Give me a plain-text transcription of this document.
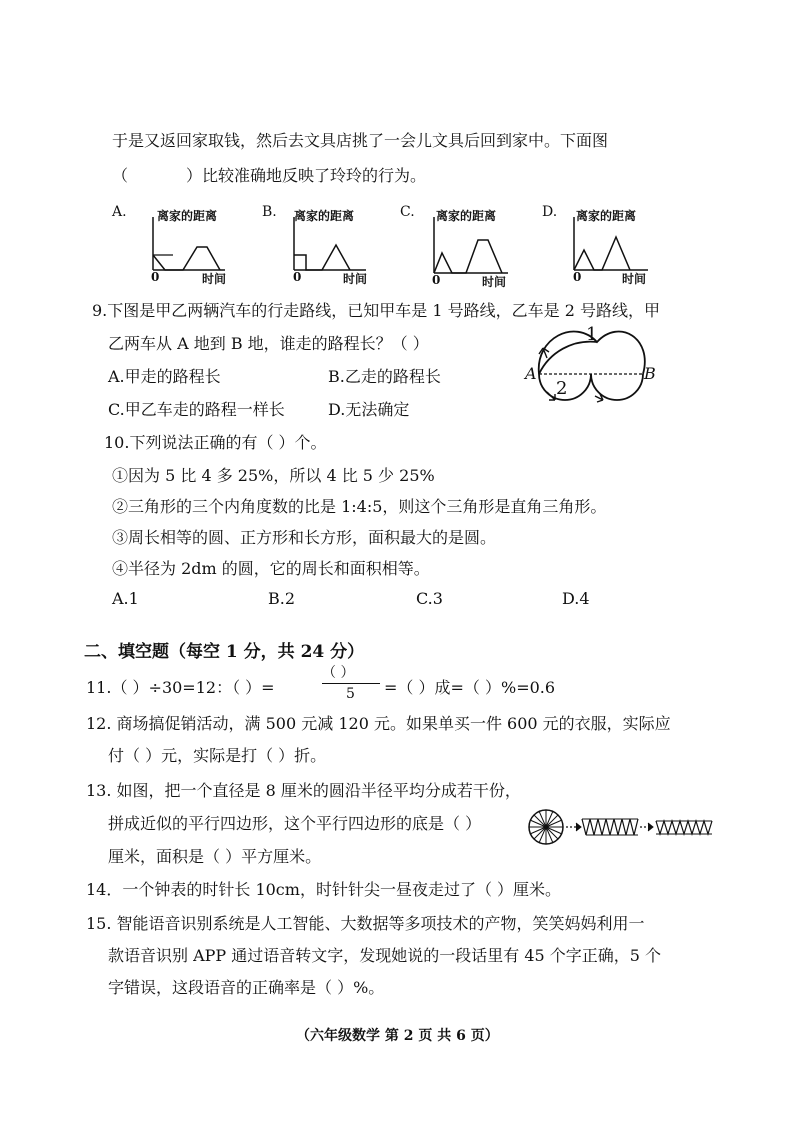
于是又返回家取钱，然后去文具店挑了一会儿文具后回到家中。下面图
（	）比较准确地反映了玲玲的行为。
A.	离家的距离
0	时间
B. 离家的距离
0	时间
C. 离家的距离
0	时间
D. 离家的距离
0	时间
9.下图是甲乙两辆汽车的行走路线，已知甲车是 1 号路线，乙车是 2 号路线，甲
乙两车从 A 地到 B 地，谁走的路程长？（ ）
A.甲走的路程长	B.乙走的路程长
C.甲乙车走的路程一样长	D.无法确定
1
2
A	B
10.下列说法正确的有（ ）个。
①因为 5 比 4 多 25%，所以 4 比 5 少 25%
②三角形的三个内角度数的比是 1:4:5，则这个三角形是直角三角形。
③周长相等的圆、正方形和长方形，面积最大的是圆。
④半径为 2dm 的圆，它的周长和面积相等。
A.1	B.2	C.3	D.4
二、填空题（每空 1 分，共 24 分）
11.（ ）÷30=12：（ ）=
（ ）
5 =（ ）成=（ ）%=0.6
12. 商场搞促销活动，满 500 元减 120 元。如果单买一件 600 元的衣服，实际应
付（ ）元，实际是打（ ）折。
13. 如图，把一个直径是 8 厘米的圆沿半径平均分成若干份，
拼成近似的平行四边形，这个平行四边形的底是（ ）
厘米，面积是（ ）平方厘米。
14．一个钟表的时针长 10cm，时针针尖一昼夜走过了（ ）厘米。
15. 智能语音识别系统是人工智能、大数据等多项技术的产物，笑笑妈妈利用一
款语音识别 APP 通过语音转文字，发现她说的一段话里有 45 个字正确，5 个
字错误，这段语音的正确率是（ ）%。
（六年级数学 第 2 页 共 6 页）
